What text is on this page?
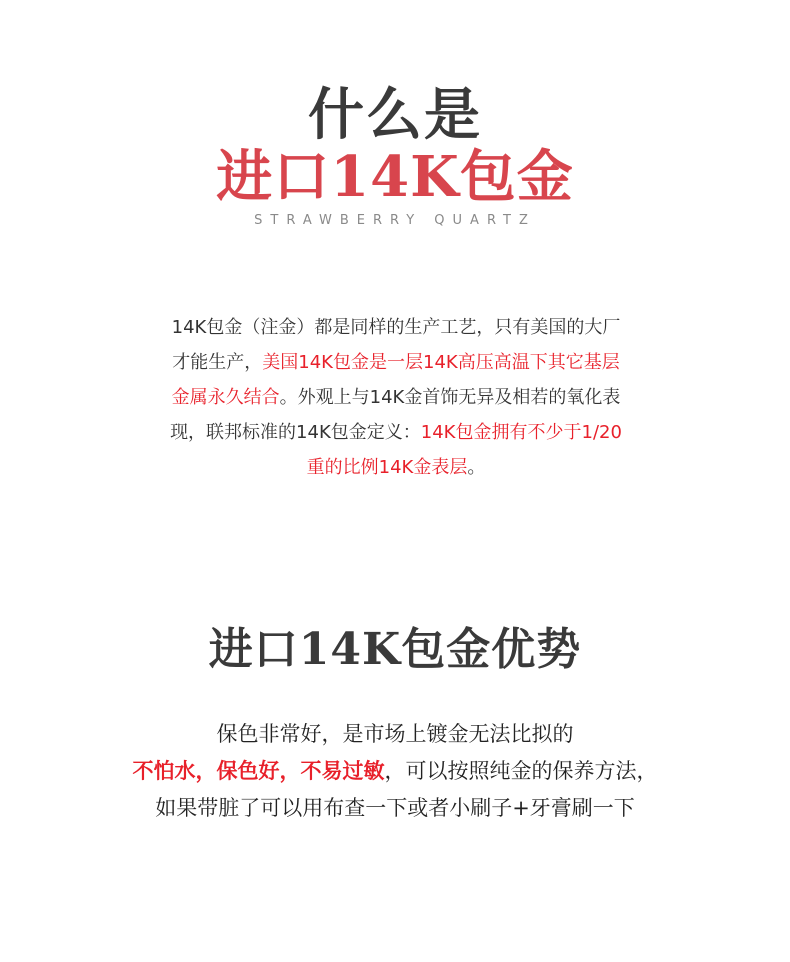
什么是
进口14K包金
STRAWBERRY QUARTZ
14K包金（注金）都是同样的生产工艺，只有美国的大厂
才能生产，美国14K包金是一层14K高压高温下其它基层
金属永久结合。外观上与14K金首饰无异及相若的氧化表
现，联邦标准的14K包金定义：14K包金拥有不少于1/20
重的比例14K金表层。
进口14K包金优势
保色非常好，是市场上镀金无法比拟的
不怕水，保色好，不易过敏，可以按照纯金的保养方法，
如果带脏了可以用布查一下或者小刷子+牙膏刷一下
